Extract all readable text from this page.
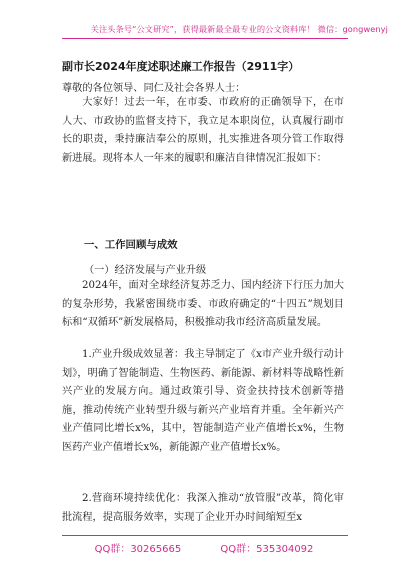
关注头条号“公文研究”，获得最新最全最专业的公文资料库！ 微信：gongwenyj
副市长2024年度述职述廉工作报告（2911字）
尊敬的各位领导、同仁及社会各界人士：
大家好！过去一年，在市委、市政府的正确领导下，在市人大、市政协的监督支持下，我立足本职岗位，认真履行副市长的职责，秉持廉洁奉公的原则，扎实推进各项分管工作取得新进展。现将本人一年来的履职和廉洁自律情况汇报如下：
一、工作回顾与成效
（一）经济发展与产业升级
2024年，面对全球经济复苏乏力、国内经济下行压力加大的复杂形势，我紧密围绕市委、市政府确定的“十四五”规划目标和“双循环”新发展格局，积极推动我市经济高质量发展。
1.产业升级成效显著：我主导制定了《x市产业升级行动计划》，明确了智能制造、生物医药、新能源、新材料等战略性新兴产业的发展方向。通过政策引导、资金扶持技术创新等措施，推动传统产业转型升级与新兴产业培育并重。全年新兴产业产值同比增长x%，其中，智能制造产业产值增长x%，生物医药产业产值增长x%，新能源产业产值增长x%。
2.营商环境持续优化：我深入推动“放管服”改革，简化审批流程，提高服务效率，实现了企业开办时间缩短至x
QQ群：30265665	QQ群：535304092
